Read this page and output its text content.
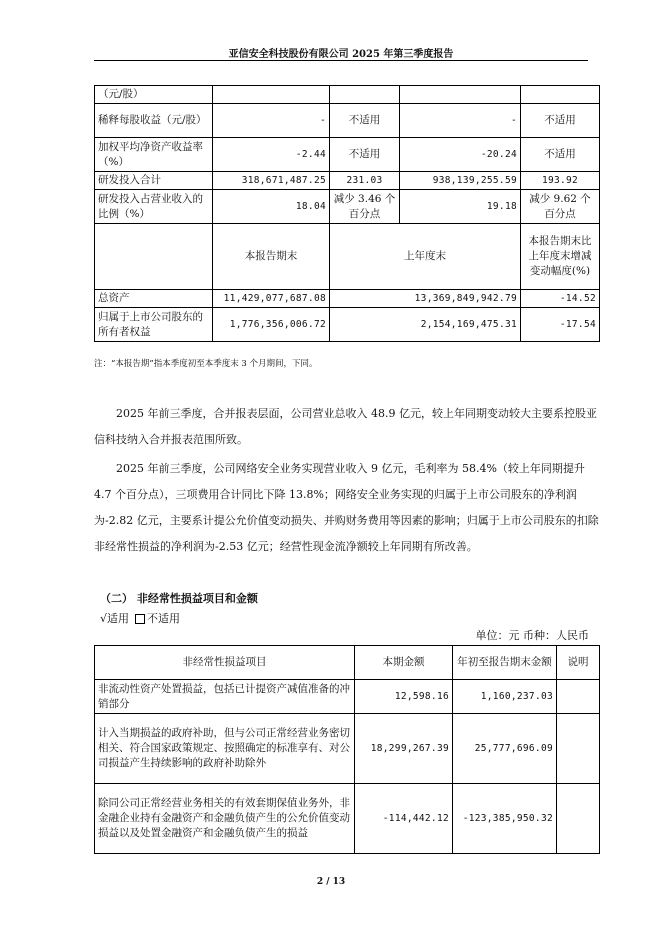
亚信安全科技股份有限公司 2025 年第三季度报告
（元/股）				
稀释每股收益（元/股）	-	不适用	-	不适用
加权平均净资产收益率（%）	-2.44	不适用	-20.24	不适用
研发投入合计	318,671,487.25	231.03	938,139,255.59	193.92
研发投入占营业收入的比例（%）	18.04	减少 3.46 个百分点	19.18	减少 9.62 个百分点
	本报告期末	上年度末		本报告期末比上年度末增减变动幅度(%)
总资产	11,429,077,687.08	13,369,849,942.79		-14.52
归属于上市公司股东的所有者权益	1,776,356,006.72	2,154,169,475.31		-17.54
注：“本报告期”指本季度初至本季度末 3 个月期间，下同。
2025 年前三季度，合并报表层面，公司营业总收入 48.9 亿元，较上年同期变动较大主要系控股亚信科技纳入合并报表范围所致。
2025 年前三季度，公司网络安全业务实现营业收入 9 亿元，毛利率为 58.4%（较上年同期提升 4.7 个百分点），三项费用合计同比下降 13.8%；网络安全业务实现的归属于上市公司股东的净利润为-2.82 亿元，主要系计提公允价值变动损失、并购财务费用等因素的影响；归属于上市公司股东的扣除非经常性损益的净利润为-2.53 亿元；经营性现金流净额较上年同期有所改善。
（二） 非经常性损益项目和金额
√适用 不适用
单位：元 币种：人民币
非经常性损益项目	本期金额	年初至报告期末金额	说明
非流动性资产处置损益，包括已计提资产减值准备的冲销部分	12,598.16	1,160,237.03	
计入当期损益的政府补助，但与公司正常经营业务密切相关、符合国家政策规定、按照确定的标准享有、对公司损益产生持续影响的政府补助除外	18,299,267.39	25,777,696.09	
除同公司正常经营业务相关的有效套期保值业务外，非金融企业持有金融资产和金融负债产生的公允价值变动损益以及处置金融资产和金融负债产生的损益	-114,442.12	-123,385,950.32	
2 / 13
